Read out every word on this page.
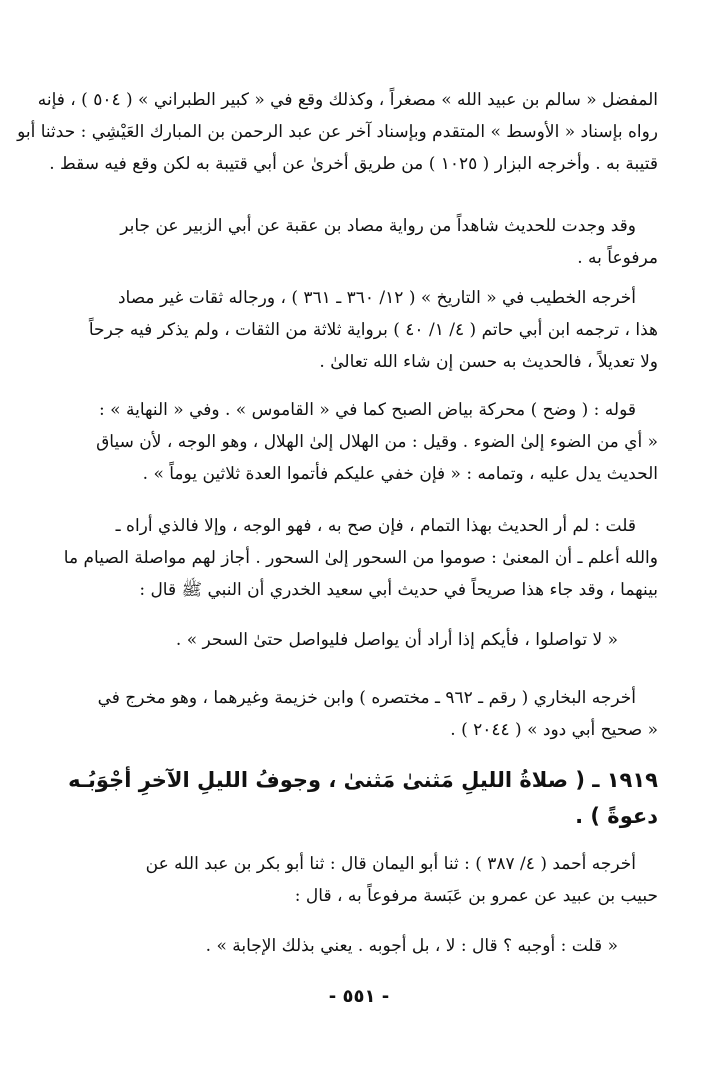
المفضل « سالم بن عبيد الله » مصغراً ، وكذلك وقع في « كبير الطبراني » ( ٥٠٤ ) ، فإنه
رواه بإسناد « الأوسط » المتقدم وبإسناد آخر عن عبد الرحمن بن المبارك العَيْشِي : حدثنا أبو
قتيبة به . وأخرجه البزار ( ١٠٢٥ ) من طريق أخرىٰ عن أبي قتيبة به لكن وقع فيه سقط .

وقد وجدت للحديث شاهداً من رواية مصاد بن عقبة عن أبي الزبير عن جابر
مرفوعاً به .

أخرجه الخطيب في « التاريخ » ( ١٢/ ٣٦٠ ـ ٣٦١ ) ، ورجاله ثقات غير مصاد
هذا ، ترجمه ابن أبي حاتم ( ٤/ ١/ ٤٠ ) برواية ثلاثة من الثقات ، ولم يذكر فيه جرحاً
ولا تعديلاً ، فالحديث به حسن إن شاء الله تعالىٰ .

قوله : ( وضح ) محركة بياض الصبح كما في « القاموس » . وفي « النهاية » :
« أي من الضوء إلىٰ الضوء . وقيل : من الهلال إلىٰ الهلال ، وهو الوجه ، لأن سياق
الحديث يدل عليه ، وتمامه : « فإن خفي عليكم فأتموا العدة ثلاثين يوماً » .

قلت : لم أر الحديث بهذا التمام ، فإن صح به ، فهو الوجه ، وإلا فالذي أراه ـ
والله أعلم ـ أن المعنىٰ : صوموا من السحور إلىٰ السحور . أجاز لهم مواصلة الصيام ما
بينهما ، وقد جاء هذا صريحاً في حديث أبي سعيد الخدري أن النبي ﷺ قال :

« لا تواصلوا ، فأيكم إذا أراد أن يواصل فليواصل حتىٰ السحر » .

أخرجه البخاري ( رقم ـ ٩٦٢ ـ مختصره ) وابن خزيمة وغيرهما ، وهو مخرج في
« صحيح أبي دود » ( ٢٠٤٤ ) .

١٩١٩ ـ ( صلاةُ الليلِ مَثنىٰ مَثنىٰ ، وجوفُ الليلِ الآخرِ أجْوَبُـه
دعوةً ) .

أخرجه أحمد ( ٤/ ٣٨٧ ) : ثنا أبو اليمان قال : ثنا أبو بكر بن عبد الله عن
حبيب بن عبيد عن عمرو بن عَبَسة مرفوعاً به ، قال :

« قلت : أوجبه ؟ قال : لا ، بل أجوبه . يعني بذلك الإجابة » .

- ٥٥١ -
